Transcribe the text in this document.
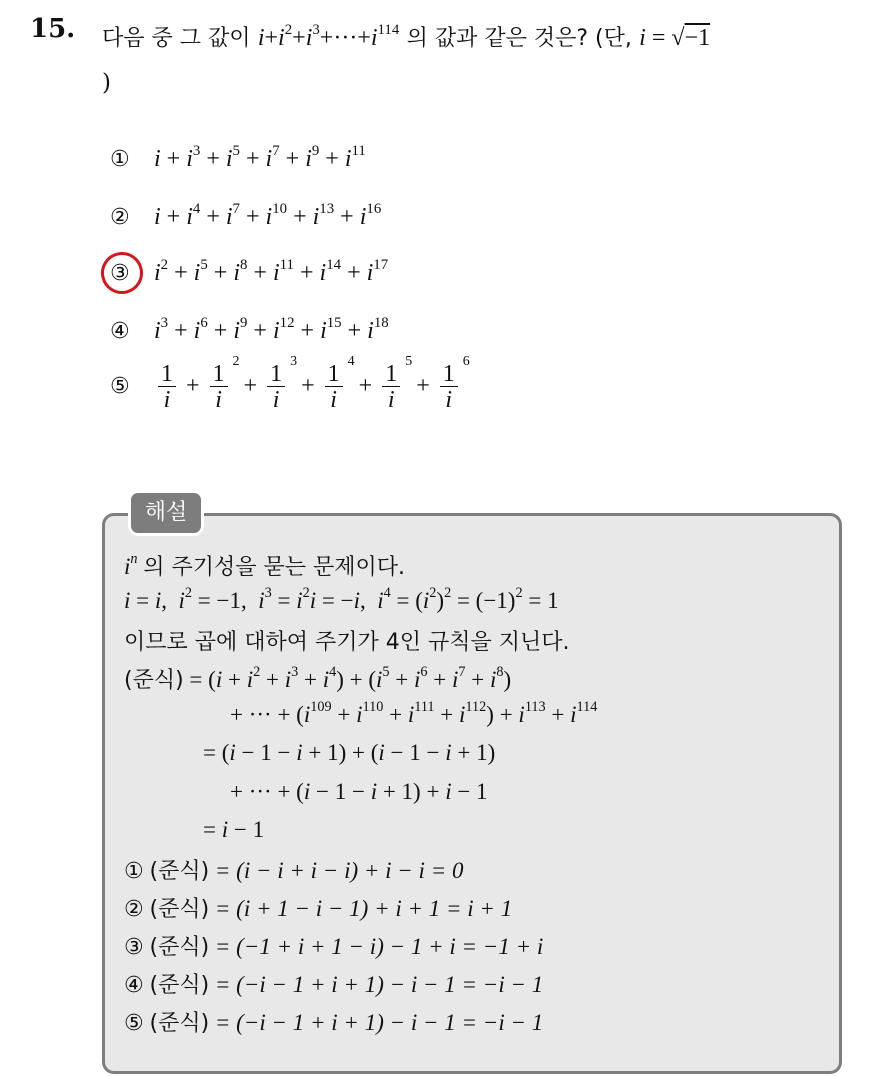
15. 다음 중 그 값이 $i+i^2+i^3+\cdot\cdot\cdot+i^{114}$ 의 값과 같은 것은? (단, i = √−1
)
① $i + i^3 + i^5 + i^7 + i^9 + i^{11}$
② $i + i^4 + i^7 + i^{10} + i^{13} + i^{16}$
③ $i^2 + i^5 + i^8 + i^{11} + i^{14} + i^{17}$
④ $i^3 + i^6 + i^9 + i^{12} + i^{15} + i^{18}$
⑤ $\frac{1}{i} + 1$
i
2
+ 1
i
3
+ 1
i
4
+ 1
i
5
+ 1
i
6
해설
$i^n$ 의 주기성을 묻는 문제이다.
i = i,  $i^2 = -1$,  $i^3 = i^2i = -i$,  $i^4 = (i^2)^2 = (-1)^2 = 1$
이므로 곱에 대하여 주기가 4인 규칙을 지닌다.
(준식) = $(i + i^2 + i^3 + i^4) + (i^5 + i^6 + i^7 + i^8)$
+ ··· + $(i^{109} + i^{110} + i^{111} + i^{112}) + i^{113} + i^{114}$
= (i − 1 − i + 1) + (i − 1 − i + 1)
+ ··· + (i − 1 − i + 1) + i − 1
= i − 1
① (준식) = (i − i + i − i) + i − i = 0
② (준식) = (i + 1 − i − 1) + i + 1 = i + 1
③ (준식) = (−1 + i + 1 − i) − 1 + i = −1 + i
④ (준식) = (−i − 1 + i + 1) − i − 1 = −i − 1
⑤ (준식) = (−i − 1 + i + 1) − i − 1 = −i − 1
